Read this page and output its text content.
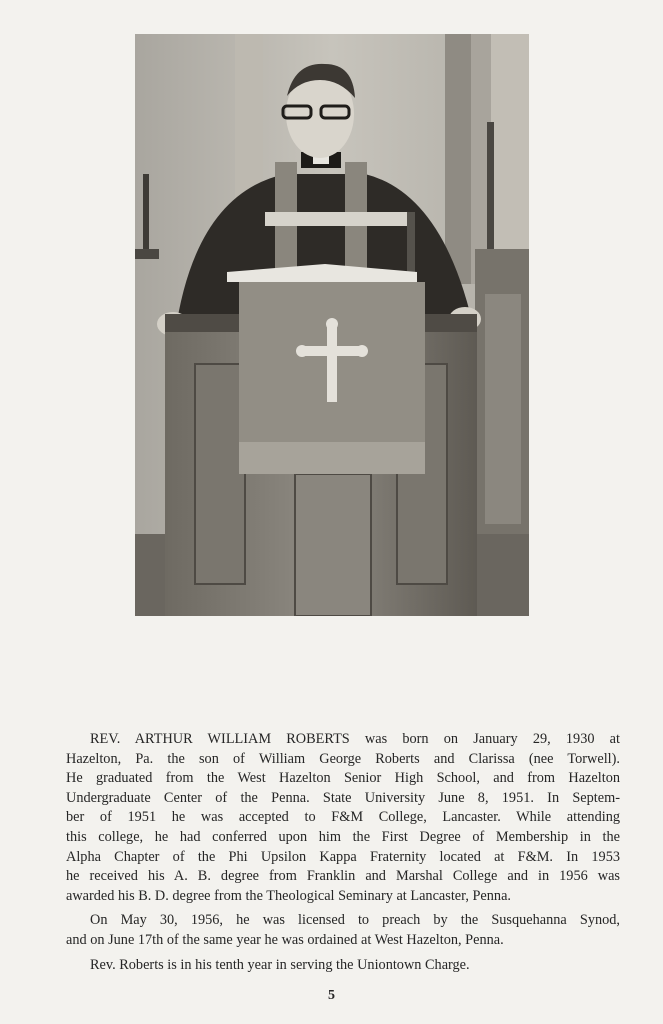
REV. ARTHUR WILLIAM ROBERTS was born on January 29, 1930 at
Hazelton, Pa. the son of William George Roberts and Clarissa (nee Torwell).
He graduated from the West Hazelton Senior High School, and from Hazelton
Undergraduate Center of the Penna. State University June 8, 1951. In Septem-
ber of 1951 he was accepted to F&M College, Lancaster. While attending
this college, he had conferred upon him the First Degree of Membership in the
Alpha Chapter of the Phi Upsilon Kappa Fraternity located at F&M. In 1953
he received his A. B. degree from Franklin and Marshal College and in 1956 was
awarded his B. D. degree from the Theological Seminary at Lancaster, Penna.
On May 30, 1956, he was licensed to preach by the Susquehanna Synod,
and on June 17th of the same year he was ordained at West Hazelton, Penna.
Rev. Roberts is in his tenth year in serving the Uniontown Charge.
5
